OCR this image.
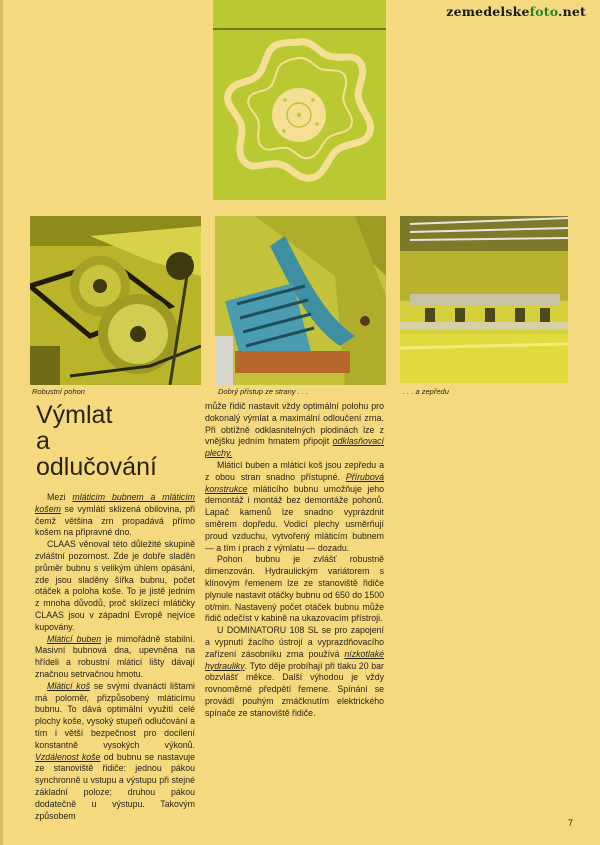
zemedelskefoto.net
Robustní pohon	Dobrý přístup ze strany . . .	. . . a zepředu
Výmlat
a
odlučování

Mezi mláticím bubnem a mláticím košem se vymlátí sklizená obilovina, při čemž většina zrn propadává přímo košem na připravné dno.

CLAAS věnoval této důležité skupině zvláštní pozornost. Zde je dobře sladěn průměr bubnu s velikým úhlem opásání, zde jsou sladěny šířka bubnu, počet otáček a poloha koše. To je jistě jedním z mnoha důvodů, proč sklízecí mlátičky CLAAS jsou v západní Evropě nejvíce kupovány.

Mláticí buben je mimořádně stabilní. Masivní bubnová dna, upevněna na hřídeli a robustní mláticí lišty dávají značnou setrvačnou hmotu.

Mláticí koš se svými dvanácti lištami má poloměr, přizpůsobený mláticímu bubnu. To dává optimální využití celé plochy koše, vysoký stupeň odlučování a tím i větší bezpečnost pro docílení konstantně vysokých výkonů. Vzdálenost koše od bubnu se nastavuje ze stanoviště řidiče: jednou pákou synchronně u vstupu a výstupu při stejné základní poloze; druhou pákou dodatečně u výstupu. Takovým způsobem

může řidič nastavit vždy optimální polohu pro dokonalý výmlat a maximální odloučení zrna. Při obtížně odklasnitelných plodinách lze z vnějšku jedním hmatem připojit odklasňovací plechy.

Mláticí buben a mláticí koš jsou zepředu a z obou stran snadno přístupné. Přírubová konstrukce mláticího bubnu umožňuje jeho demontáž i montáž bez demontáže pohonů. Lapač kamenů lze snadno vyprázdnit směrem dopředu. Vodicí plechy usměrňují proud vzduchu, vytvořený mláticím bubnem — a tím i prach z výmlatu — dozadu.

Pohon bubnu je zvlášť robustně dimenzován. Hydraulickým variátorem s klínovým řemenem lze ze stanoviště řidiče plynule nastavit otáčky bubnu od 650 do 1500 ot/min. Nastavený počet otáček bubnu může řidič odečíst v kabině na ukazovacím přístroji.

U DOMINATORU 108 SL se pro zapojení a vypnutí žacího ústrojí a vyprazdňovacího zařízení zásobníku zrna používá nízkotlaké hydrauliky. Tyto děje probíhají při tlaku 20 bar obzvlášť měkce. Další výhodou je vždy rovnoměrné předpětí řemene. Spínání se provádí pouhým zmáčknutím elektrického spínače ze stanoviště řidiče.

7
